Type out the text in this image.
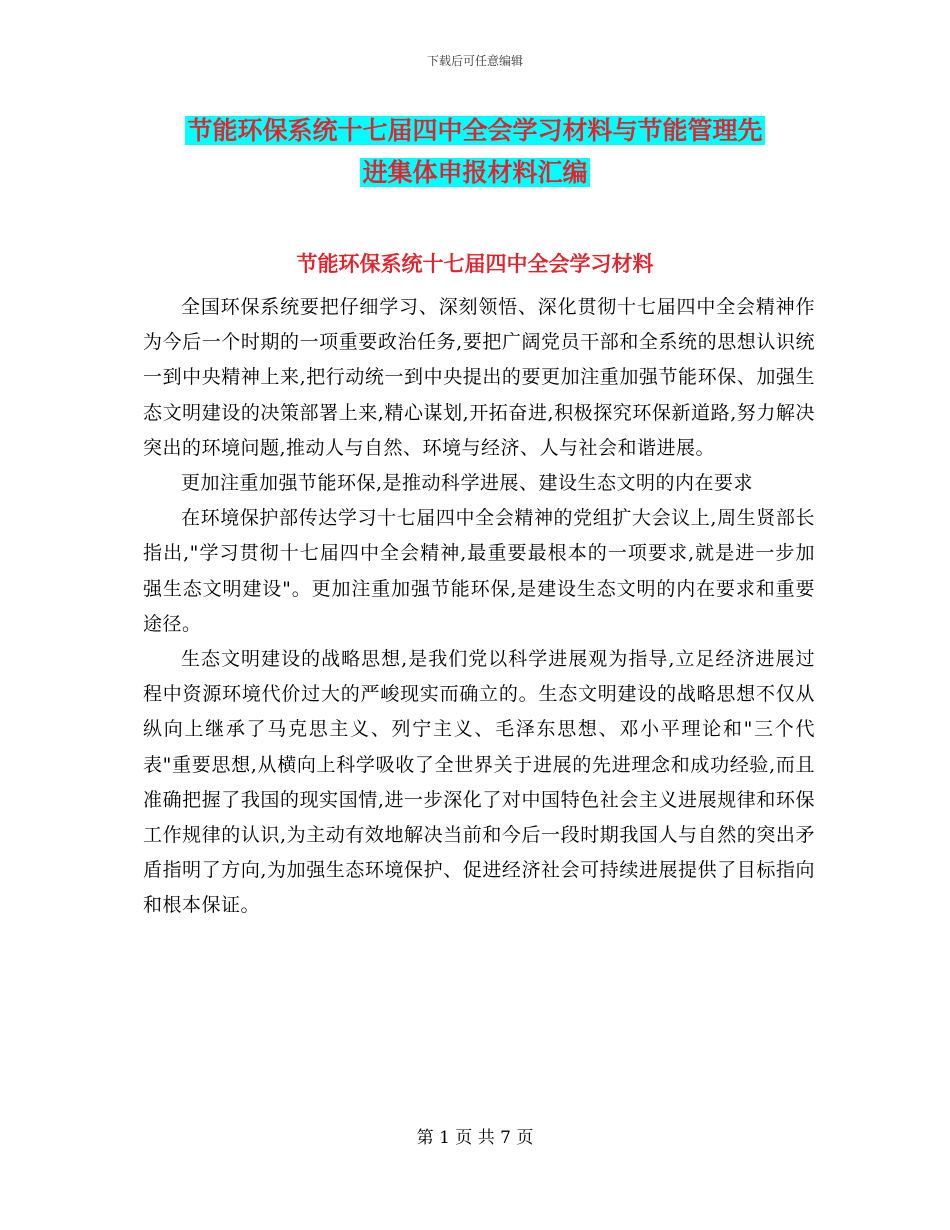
下载后可任意编辑
节能环保系统十七届四中全会学习材料与节能管理先
进集体申报材料汇编
节能环保系统十七届四中全会学习材料

全国环保系统要把仔细学习、深刻领悟、深化贯彻十七届四中全会精神作为今后一个时期的一项重要政治任务,要把广阔党员干部和全系统的思想认识统一到中央精神上来,把行动统一到中央提出的要更加注重加强节能环保、加强生态文明建设的决策部署上来,精心谋划,开拓奋进,积极探究环保新道路,努力解决突出的环境问题,推动人与自然、环境与经济、人与社会和谐进展。

更加注重加强节能环保,是推动科学进展、建设生态文明的内在要求

在环境保护部传达学习十七届四中全会精神的党组扩大会议上,周生贤部长指出,"学习贯彻十七届四中全会精神,最重要最根本的一项要求,就是进一步加强生态文明建设"。更加注重加强节能环保,是建设生态文明的内在要求和重要途径。

生态文明建设的战略思想,是我们党以科学进展观为指导,立足经济进展过程中资源环境代价过大的严峻现实而确立的。生态文明建设的战略思想不仅从纵向上继承了马克思主义、列宁主义、毛泽东思想、邓小平理论和"三个代表"重要思想,从横向上科学吸收了全世界关于进展的先进理念和成功经验,而且准确把握了我国的现实国情,进一步深化了对中国特色社会主义进展规律和环保工作规律的认识,为主动有效地解决当前和今后一段时期我国人与自然的突出矛盾指明了方向,为加强生态环境保护、促进经济社会可持续进展提供了目标指向和根本保证。

第 1 页 共 7 页
